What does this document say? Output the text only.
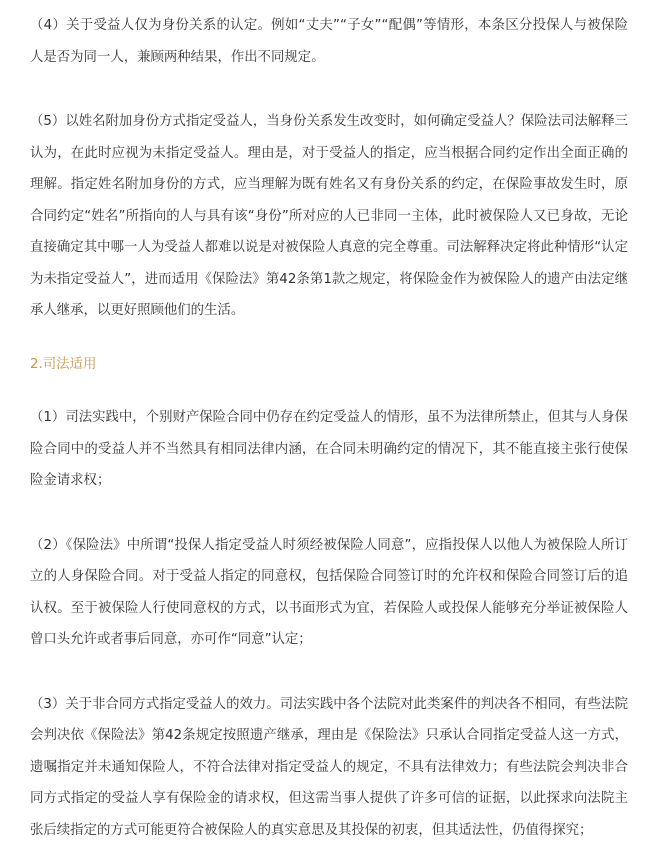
（4）关于受益人仅为身份关系的认定。例如“丈夫”“子女”“配偶”等情形，本条区分投保人与被保险人是否为同一人，兼顾两种结果，作出不同规定。

（5）以姓名附加身份方式指定受益人，当身份关系发生改变时，如何确定受益人？保险法司法解释三认为，在此时应视为未指定受益人。理由是，对于受益人的指定，应当根据合同约定作出全面正确的理解。指定姓名附加身份的方式，应当理解为既有姓名又有身份关系的约定，在保险事故发生时，原合同约定“姓名”所指向的人与具有该“身份”所对应的人已非同一主体，此时被保险人又已身故，无论直接确定其中哪一人为受益人都难以说是对被保险人真意的完全尊重。司法解释决定将此种情形“认定为未指定受益人”，进而适用《保险法》第42条第1款之规定，将保险金作为被保险人的遗产由法定继承人继承，以更好照顾他们的生活。

2.司法适用

（1）司法实践中，个别财产保险合同中仍存在约定受益人的情形，虽不为法律所禁止，但其与人身保险合同中的受益人并不当然具有相同法律内涵，在合同未明确约定的情况下，其不能直接主张行使保险金请求权；

（2）《保险法》中所谓“投保人指定受益人时须经被保险人同意”，应指投保人以他人为被保险人所订立的人身保险合同。对于受益人指定的同意权，包括保险合同签订时的允许权和保险合同签订后的追认权。至于被保险人行使同意权的方式，以书面形式为宜，若保险人或投保人能够充分举证被保险人曾口头允许或者事后同意，亦可作“同意”认定；

（3）关于非合同方式指定受益人的效力。司法实践中各个法院对此类案件的判决各不相同，有些法院会判决依《保险法》第42条规定按照遗产继承，理由是《保险法》只承认合同指定受益人这一方式，遗嘱指定并未通知保险人，不符合法律对指定受益人的规定，不具有法律效力；有些法院会判决非合同方式指定的受益人享有保险金的请求权，但这需当事人提供了许多可信的证据，以此探求向法院主张后续指定的方式可能更符合被保险人的真实意思及其投保的初衷，但其适法性，仍值得探究；
